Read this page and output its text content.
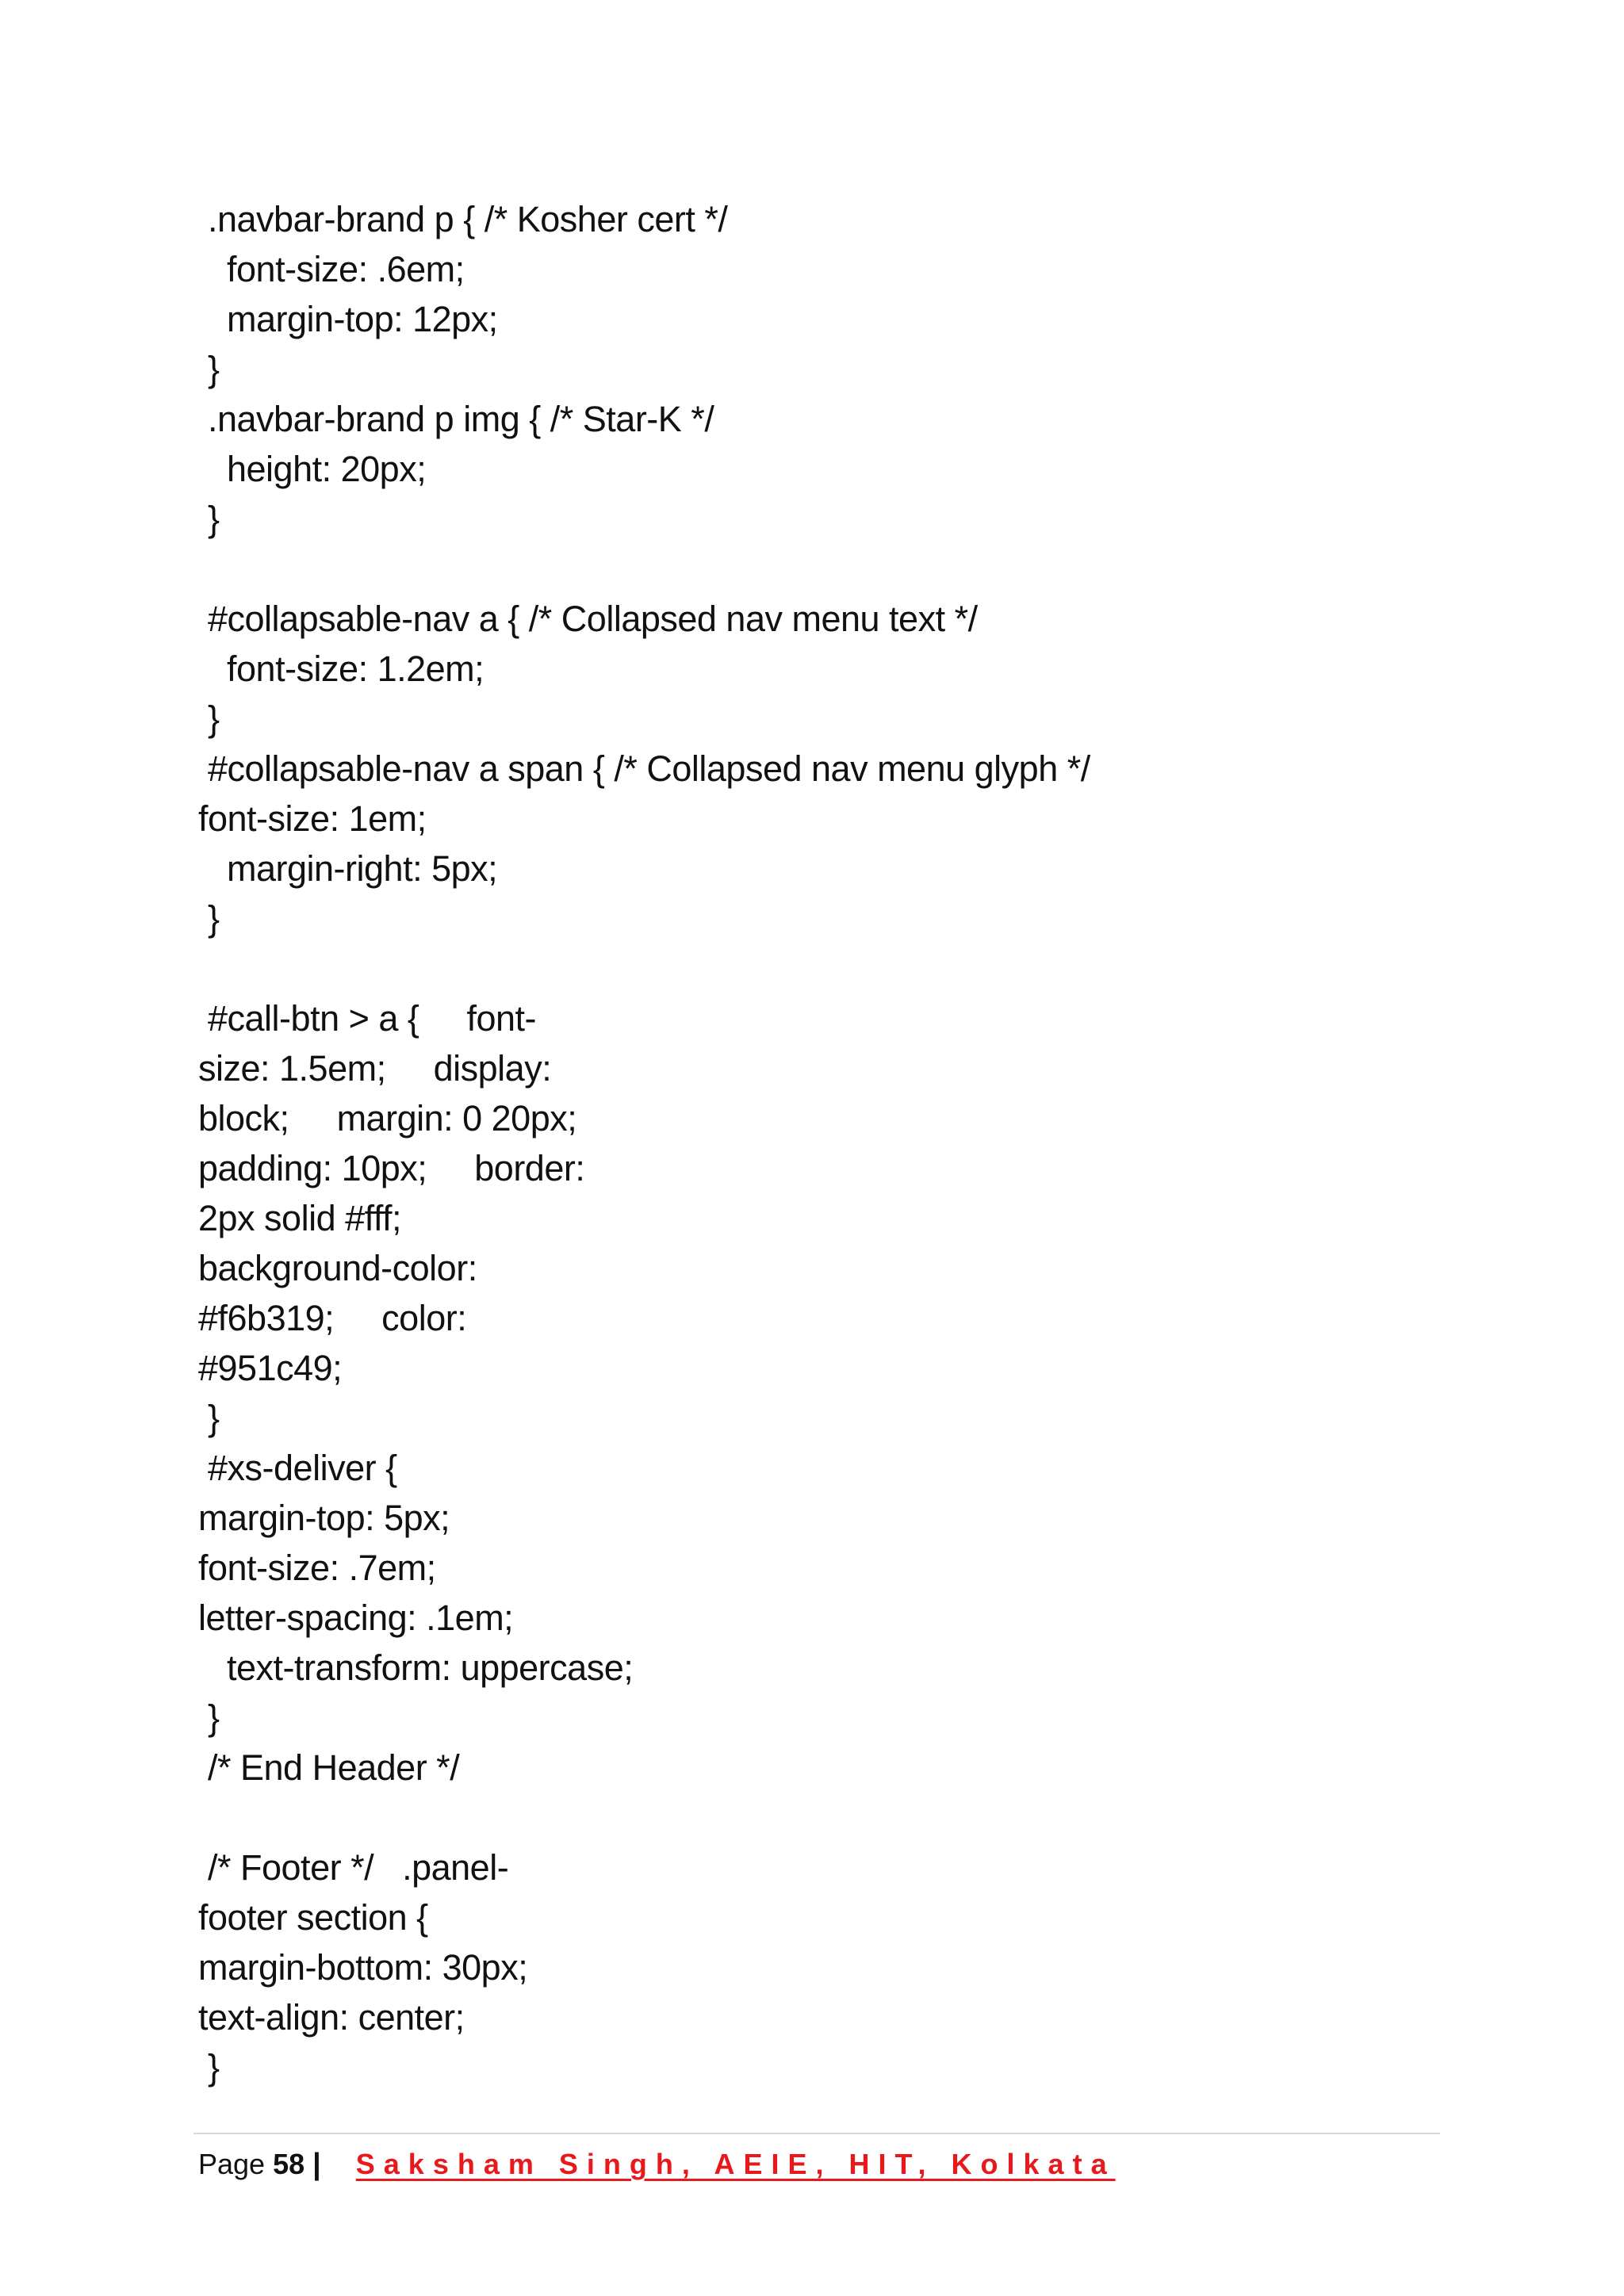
.navbar-brand p { /* Kosher cert */
font-size: .6em;
margin-top: 12px;
}
.navbar-brand p img { /* Star-K */
height: 20px;
}
#collapsable-nav a { /* Collapsed nav menu text */
font-size: 1.2em;
}
#collapsable-nav a span { /* Collapsed nav menu glyph */
font-size: 1em;
margin-right: 5px;
}
#call-btn > a {     font-
size: 1.5em;     display:
block;     margin: 0 20px;
padding: 10px;     border:
2px solid #fff;
background-color:
#f6b319;     color:
#951c49;
}
#xs-deliver {
margin-top: 5px;
font-size: .7em;
letter-spacing: .1em;
text-transform: uppercase;
}
/* End Header */
/* Footer */   .panel-
footer section {
margin-bottom: 30px;
text-align: center;
}
Page 58 | Saksham Singh, AEIE, HIT, Kolkata
